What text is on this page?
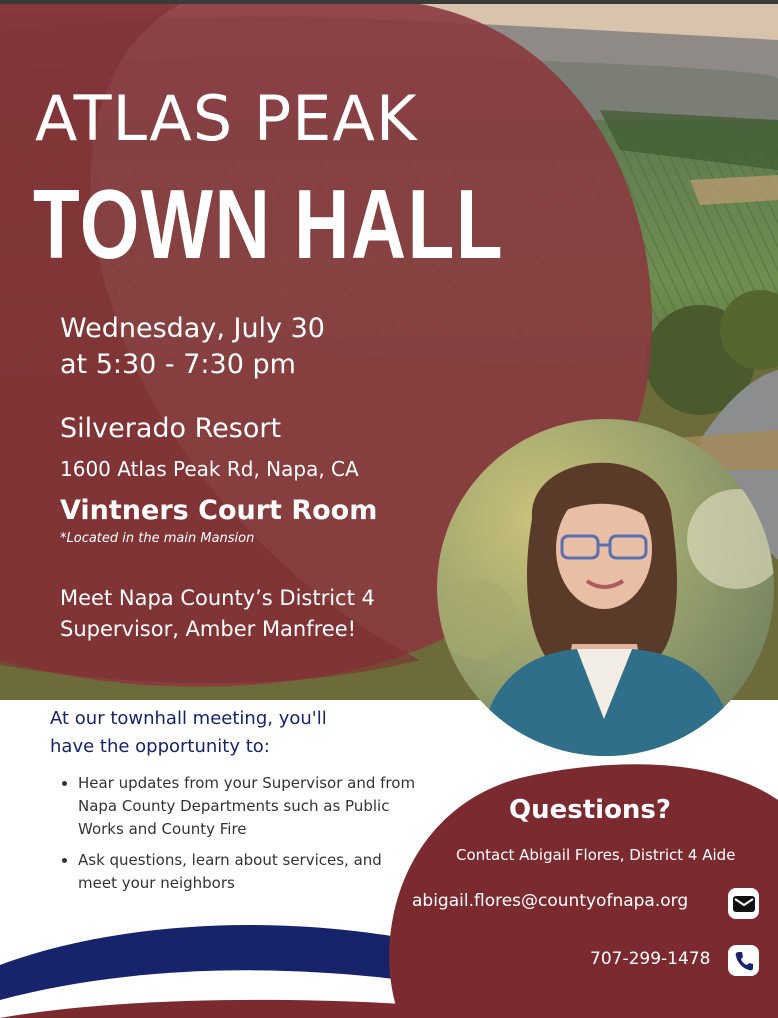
ATLAS PEAK
TOWN HALL

Wednesday, July 30
at 5:30 - 7:30 pm

Silverado Resort

1600 Atlas Peak Rd, Napa, CA

Vintners Court Room

*Located in the main Mansion

Meet Napa County’s District 4
Supervisor, Amber Manfree!

At our townhall meeting, you'll
have the opportunity to:

• Hear updates from your Supervisor and from Napa County Departments such as Public Works and County Fire
• Ask questions, learn about services, and meet your neighbors

Questions?

Contact Abigail Flores, District 4 Aide

abigail.flores@countyofnapa.org

707-299-1478
